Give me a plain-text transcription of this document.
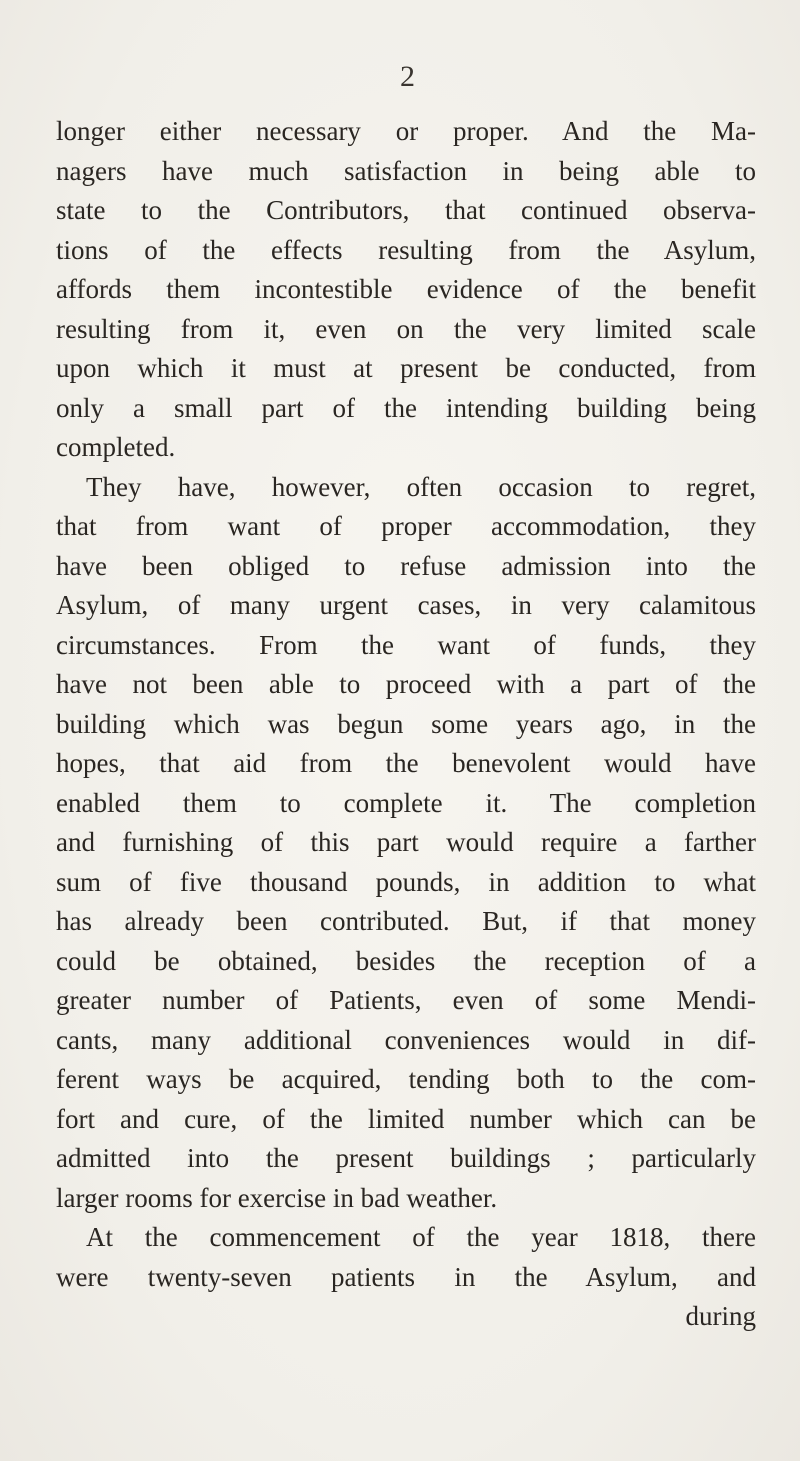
2
longer either necessary or proper. And the Ma-
nagers have much satisfaction in being able to
state to the Contributors, that continued observa-
tions of the effects resulting from the Asylum,
affords them incontestible evidence of the benefit
resulting from it, even on the very limited scale
upon which it must at present be conducted, from
only a small part of the intending building being
completed.
They have, however, often occasion to regret,
that from want of proper accommodation, they
have been obliged to refuse admission into the
Asylum, of many urgent cases, in very calamitous
circumstances. From the want of funds, they
have not been able to proceed with a part of the
building which was begun some years ago, in the
hopes, that aid from the benevolent would have
enabled them to complete it. The completion
and furnishing of this part would require a farther
sum of five thousand pounds, in addition to what
has already been contributed. But, if that money
could be obtained, besides the reception of a
greater number of Patients, even of some Mendi-
cants, many additional conveniences would in dif-
ferent ways be acquired, tending both to the com-
fort and cure, of the limited number which can be
admitted into the present buildings ; particularly
larger rooms for exercise in bad weather.
At the commencement of the year 1818, there
were twenty-seven patients in the Asylum, and
during
